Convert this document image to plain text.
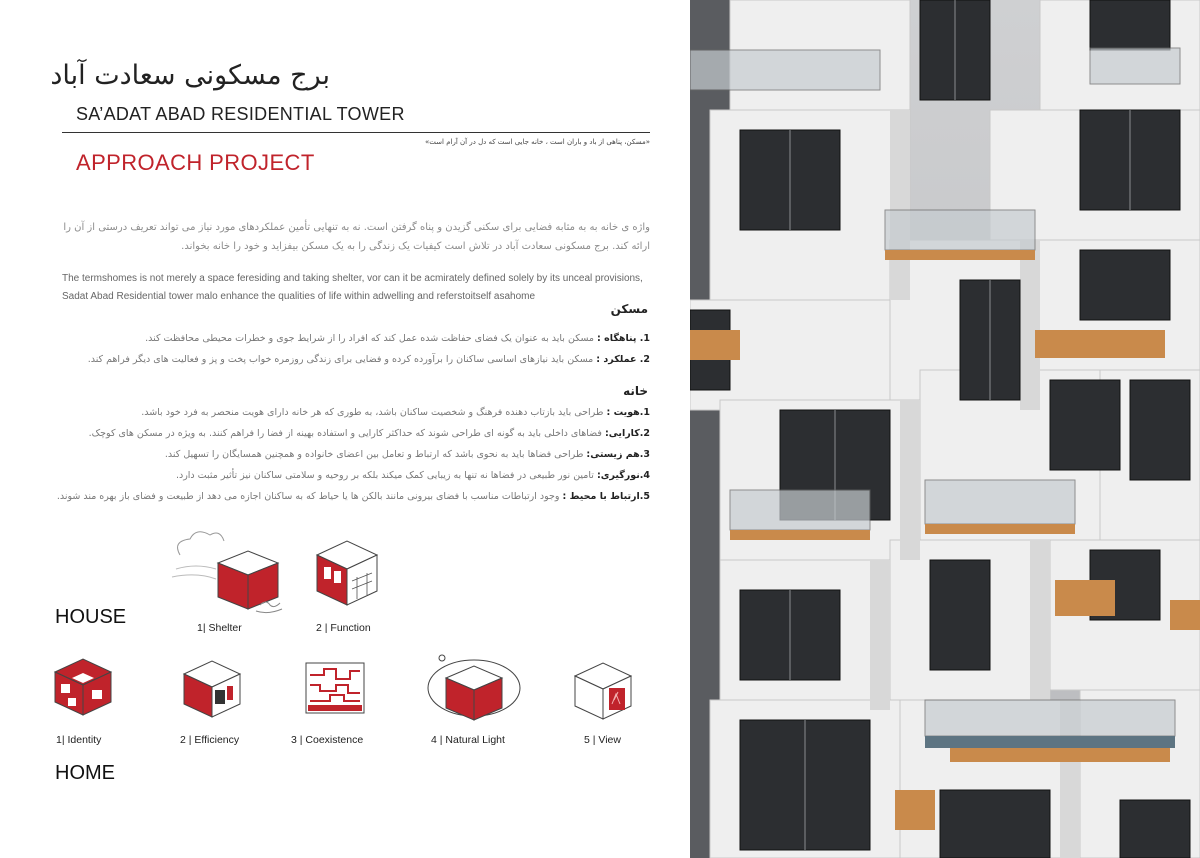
برج مسکونی سعادت آباد
SA’ADAT ABAD RESIDENTIAL TOWER
«مسکن، پناهی از باد و باران است ، خانه جایی است که دل در آن آرام است»
APPROACH PROJECT
واژه ی خانه به به مثابه فضایی برای سکنی گزیدن و پناه گرفتن است. نه به تنهایی تأمین عملکردهای مورد نیاز می تواند تعریف درستی از آن را ارائه کند. برج مسکونی سعادت آباد در تلاش است کیفیات یک زندگی را به یک مسکن بیفزاید و خود را خانه بخواند.
The termshomes is not merely a space feresiding and taking shelter, vor can it be acmirately defined solely by its unceal provisions, Sadat Abad Residential tower malo enhance the qualities of life within adwelling and referstoitself asahome
مسکن
1. پناهگاه : مسکن باید به عنوان یک فضای حفاظت شده عمل کند که افراد را از شرایط جوی و خطرات محیطی محافظت کند.
2. عملکرد : مسکن باید نیازهای اساسی ساکنان را برآورده کرده و فضایی برای زندگی روزمره خواب پخت و پز و فعالیت های دیگر فراهم کند.
خانه
1.هویت : طراحی باید بازتاب دهنده فرهنگ و شخصیت ساکنان باشد، به طوری که هر خانه دارای هویت منحصر به فرد خود باشد.
2.کارایی: فضاهای داخلی باید به گونه ای طراحی شوند که حداکثر کارایی و استفاده بهینه از فضا را فراهم کنند. به ویژه در مسکن های کوچک.
3.هم زیستی: طراحی فضاها باید به نحوی باشد که ارتباط و تعامل بین اعضای خانواده و همچنین همسایگان را تسهیل کند.
4.نورگیری: تامین نور طبیعی در فضاها نه تنها به زیبایی کمک میکند بلکه بر روحیه و سلامتی ساکنان نیز تأثیر مثبت دارد.
5.ارتباط با محیط : وجود ارتباطات مناسب با فضای بیرونی مانند بالکن ها یا حیاط که به ساکنان اجازه می دهد از طبیعت و فضای باز بهره مند شوند.
HOUSE	1| Shelter	2 | Function
1| Identity	2 | Efficiency	3 | Coexistence	4 | Natural Light	5 | View
HOME
